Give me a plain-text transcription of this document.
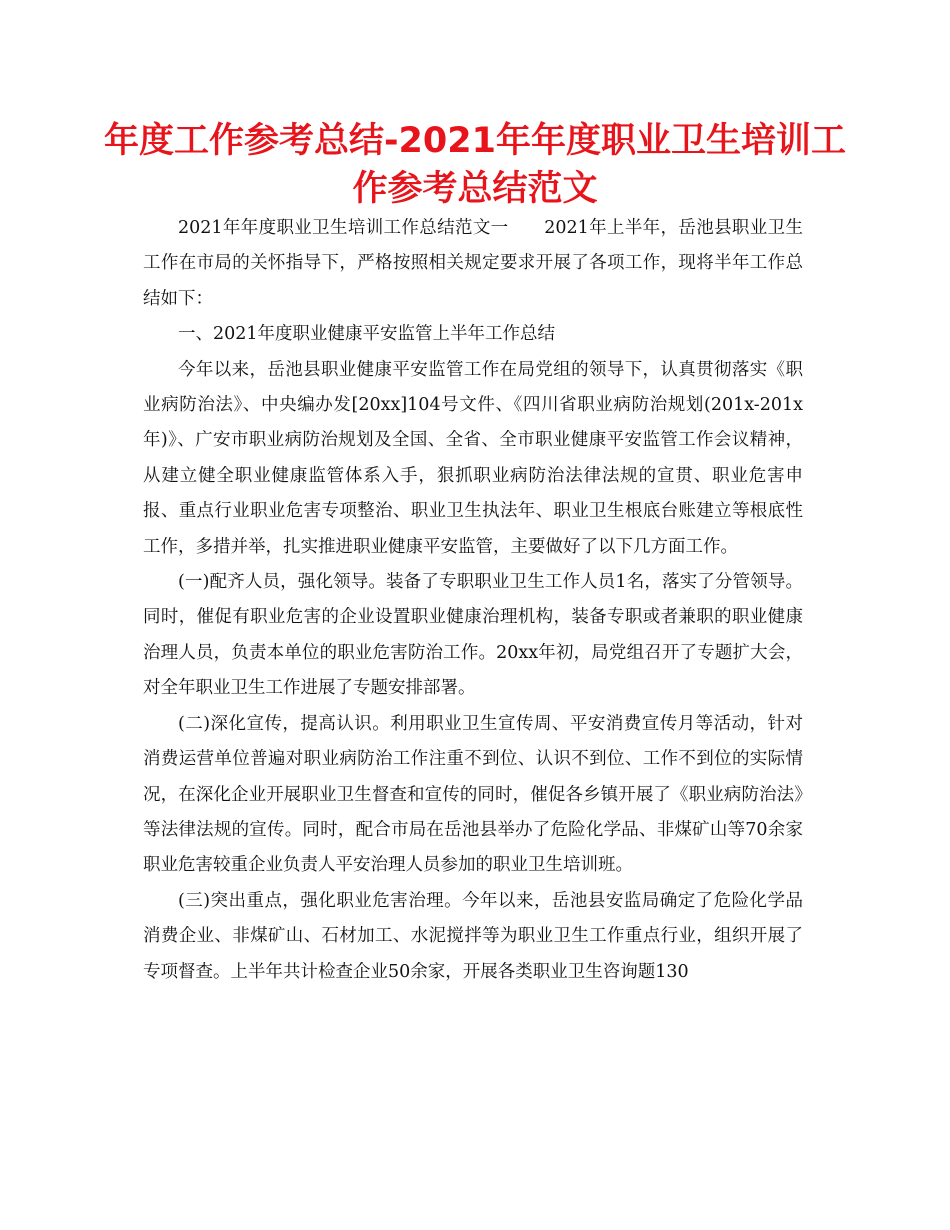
年度工作参考总结-2021年年度职业卫生培训工作参考总结范文

2021年年度职业卫生培训工作总结范文一　　2021年上半年，岳池县职业卫生工作在市局的关怀指导下，严格按照相关规定要求开展了各项工作，现将半年工作总结如下：

一、2021年度职业健康平安监管上半年工作总结

今年以来，岳池县职业健康平安监管工作在局党组的领导下，认真贯彻落实《职业病防治法》、中央编办发[20xx]104号文件、《四川省职业病防治规划(201x-201x年)》、广安市职业病防治规划及全国、全省、全市职业健康平安监管工作会议精神，从建立健全职业健康监管体系入手，狠抓职业病防治法律法规的宣贯、职业危害申报、重点行业职业危害专项整治、职业卫生执法年、职业卫生根底台账建立等根底性工作，多措并举，扎实推进职业健康平安监管，主要做好了以下几方面工作。

(一)配齐人员，强化领导。装备了专职职业卫生工作人员1名，落实了分管领导。同时，催促有职业危害的企业设置职业健康治理机构，装备专职或者兼职的职业健康治理人员，负责本单位的职业危害防治工作。20xx年初，局党组召开了专题扩大会，对全年职业卫生工作进展了专题安排部署。

(二)深化宣传，提高认识。利用职业卫生宣传周、平安消费宣传月等活动，针对消费运营单位普遍对职业病防治工作注重不到位、认识不到位、工作不到位的实际情况，在深化企业开展职业卫生督查和宣传的同时，催促各乡镇开展了《职业病防治法》等法律法规的宣传。同时，配合市局在岳池县举办了危险化学品、非煤矿山等70余家职业危害较重企业负责人平安治理人员参加的职业卫生培训班。

(三)突出重点，强化职业危害治理。今年以来，岳池县安监局确定了危险化学品消费企业、非煤矿山、石材加工、水泥搅拌等为职业卫生工作重点行业，组织开展了专项督查。上半年共计检查企业50余家，开展各类职业卫生咨询题130
